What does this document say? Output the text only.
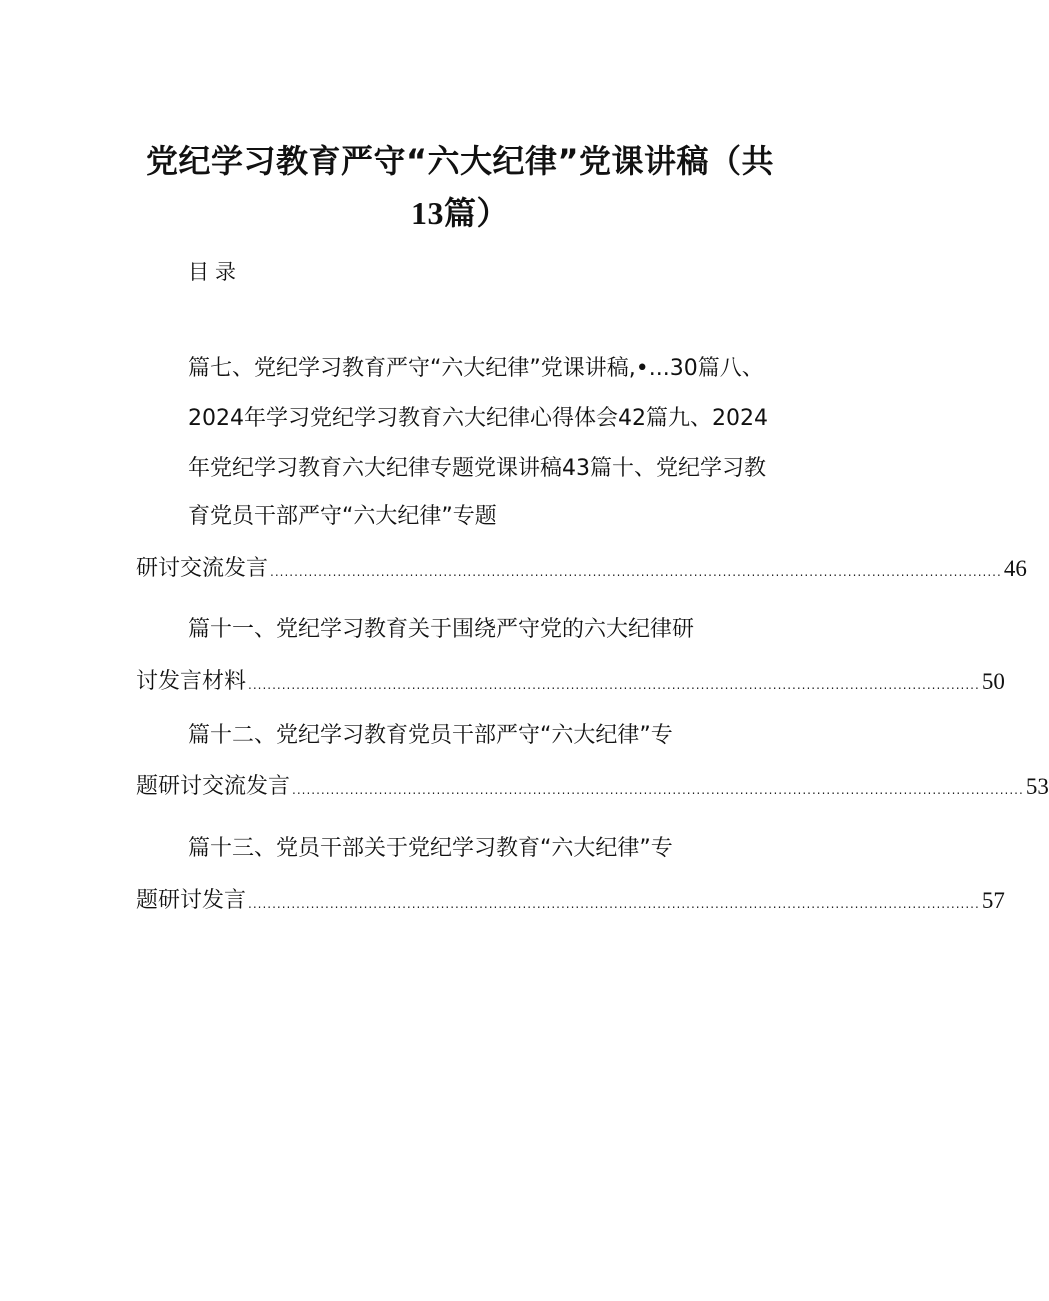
党纪学习教育严守“六大纪律”党课讲稿（共
13篇）
目录
篇七、党纪学习教育严守“六大纪律”党课讲稿,•...30篇八、
2024年学习党纪学习教育六大纪律心得体会42篇九、2024
年党纪学习教育六大纪律专题党课讲稿43篇十、党纪学习教
育党员干部严守“六大纪律”专题
研讨交流发言 ........................................................................................................................................................ 46
篇十一、党纪学习教育关于围绕严守党的六大纪律研
讨发言材料 ........................................................................................................................................................ 50
篇十二、党纪学习教育党员干部严守“六大纪律”专
题研讨交流发言 ........................................................................................................................................................ 53
篇十三、党员干部关于党纪学习教育“六大纪律”专
题研讨发言 ........................................................................................................................................................ 57
